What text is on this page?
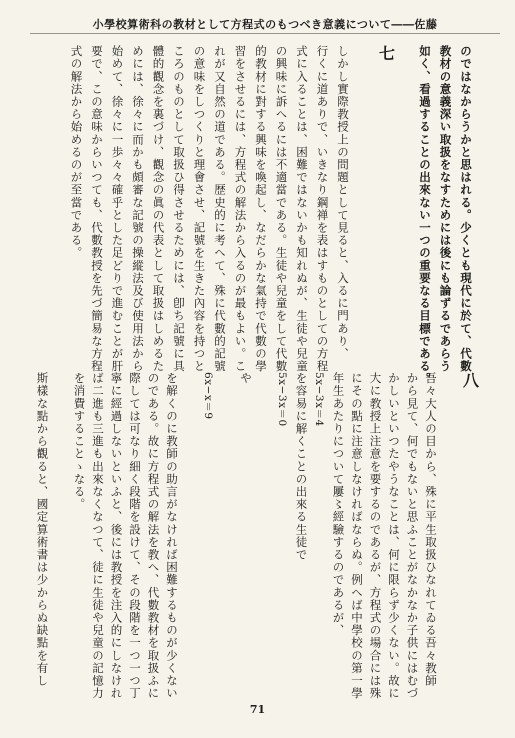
小學校算術科の教材として方程式のもつべき意義について――佐藤
のではなからうかと思はれる。少くとも現代に於て、代數
教材の意義深い取扱をなすためには後にも論ずるであらう
如く、看過することの出來ない一つの重要なる目標である。
七
しかし實際教授上の問題として見ると、入るに門あり、
行くに道ありで、いきなり鋼禅を表はすものとしての方程
式に入ることは、困難ではないかも知れぬが、生徒や兒童
の興味に訴へるには不適當である。生徒や兒童をして代數
的教材に對する興味を喚起し、なだらかな氣持で代數の學
習をさせるには、方程式の解法から入るのが最もよい。こ
れが又自然の道である。歴史的に考へて、殊に代數的記號
の意味をしつくりと理會させ、記號を生きた內容を持つと
ころのものとして取扱ひ得させるためには、卽ち記號に具
體的觀念を裏づけ、觀念の眞の代表として取扱はしめるた
めには、徐々に而かも頗審な記號の操縱法及び使用法から
始めて、徐々に一歩々々確乎とした足どりで進むことが肝
要で、この意味からいつても、代數教授を先づ簡易な方程
式の解法から始めるのが至當である。
八
吾々大人の目から、殊に平生取扱ひなれてゐる吾々教師
から見て、何でもないと思ふことがなかなか子供にはむづ
かしいといつたやうなことは、何に限らず少くない。故に
大に教授上注意を要するのであるが、方程式の場合には殊
にその點に注意しなければならぬ。例へば中學校の第一學
年生あたりについて屢〻經驗するのであるが、
5x−3x＝4
を容易に解くことの出來る生徒で
5x−3x＝0
や
6x−x＝9
を解くのに教師の助言がなければ困難するものが少くない
のである。故に方程式の解法を教へ、代數教材を取扱ふに
際しては可なり細く段階を設けて、その段階を一つ一つ丁
寧に經過しないといふと、後には教授を注入的にしなけれ
ば二進も三進も出來なくなつて、徒に生徒や兒童の記憶力
を消費することゝなる。
斯樣な點から觀ると、國定算術書は少からぬ缺點を有し
71
